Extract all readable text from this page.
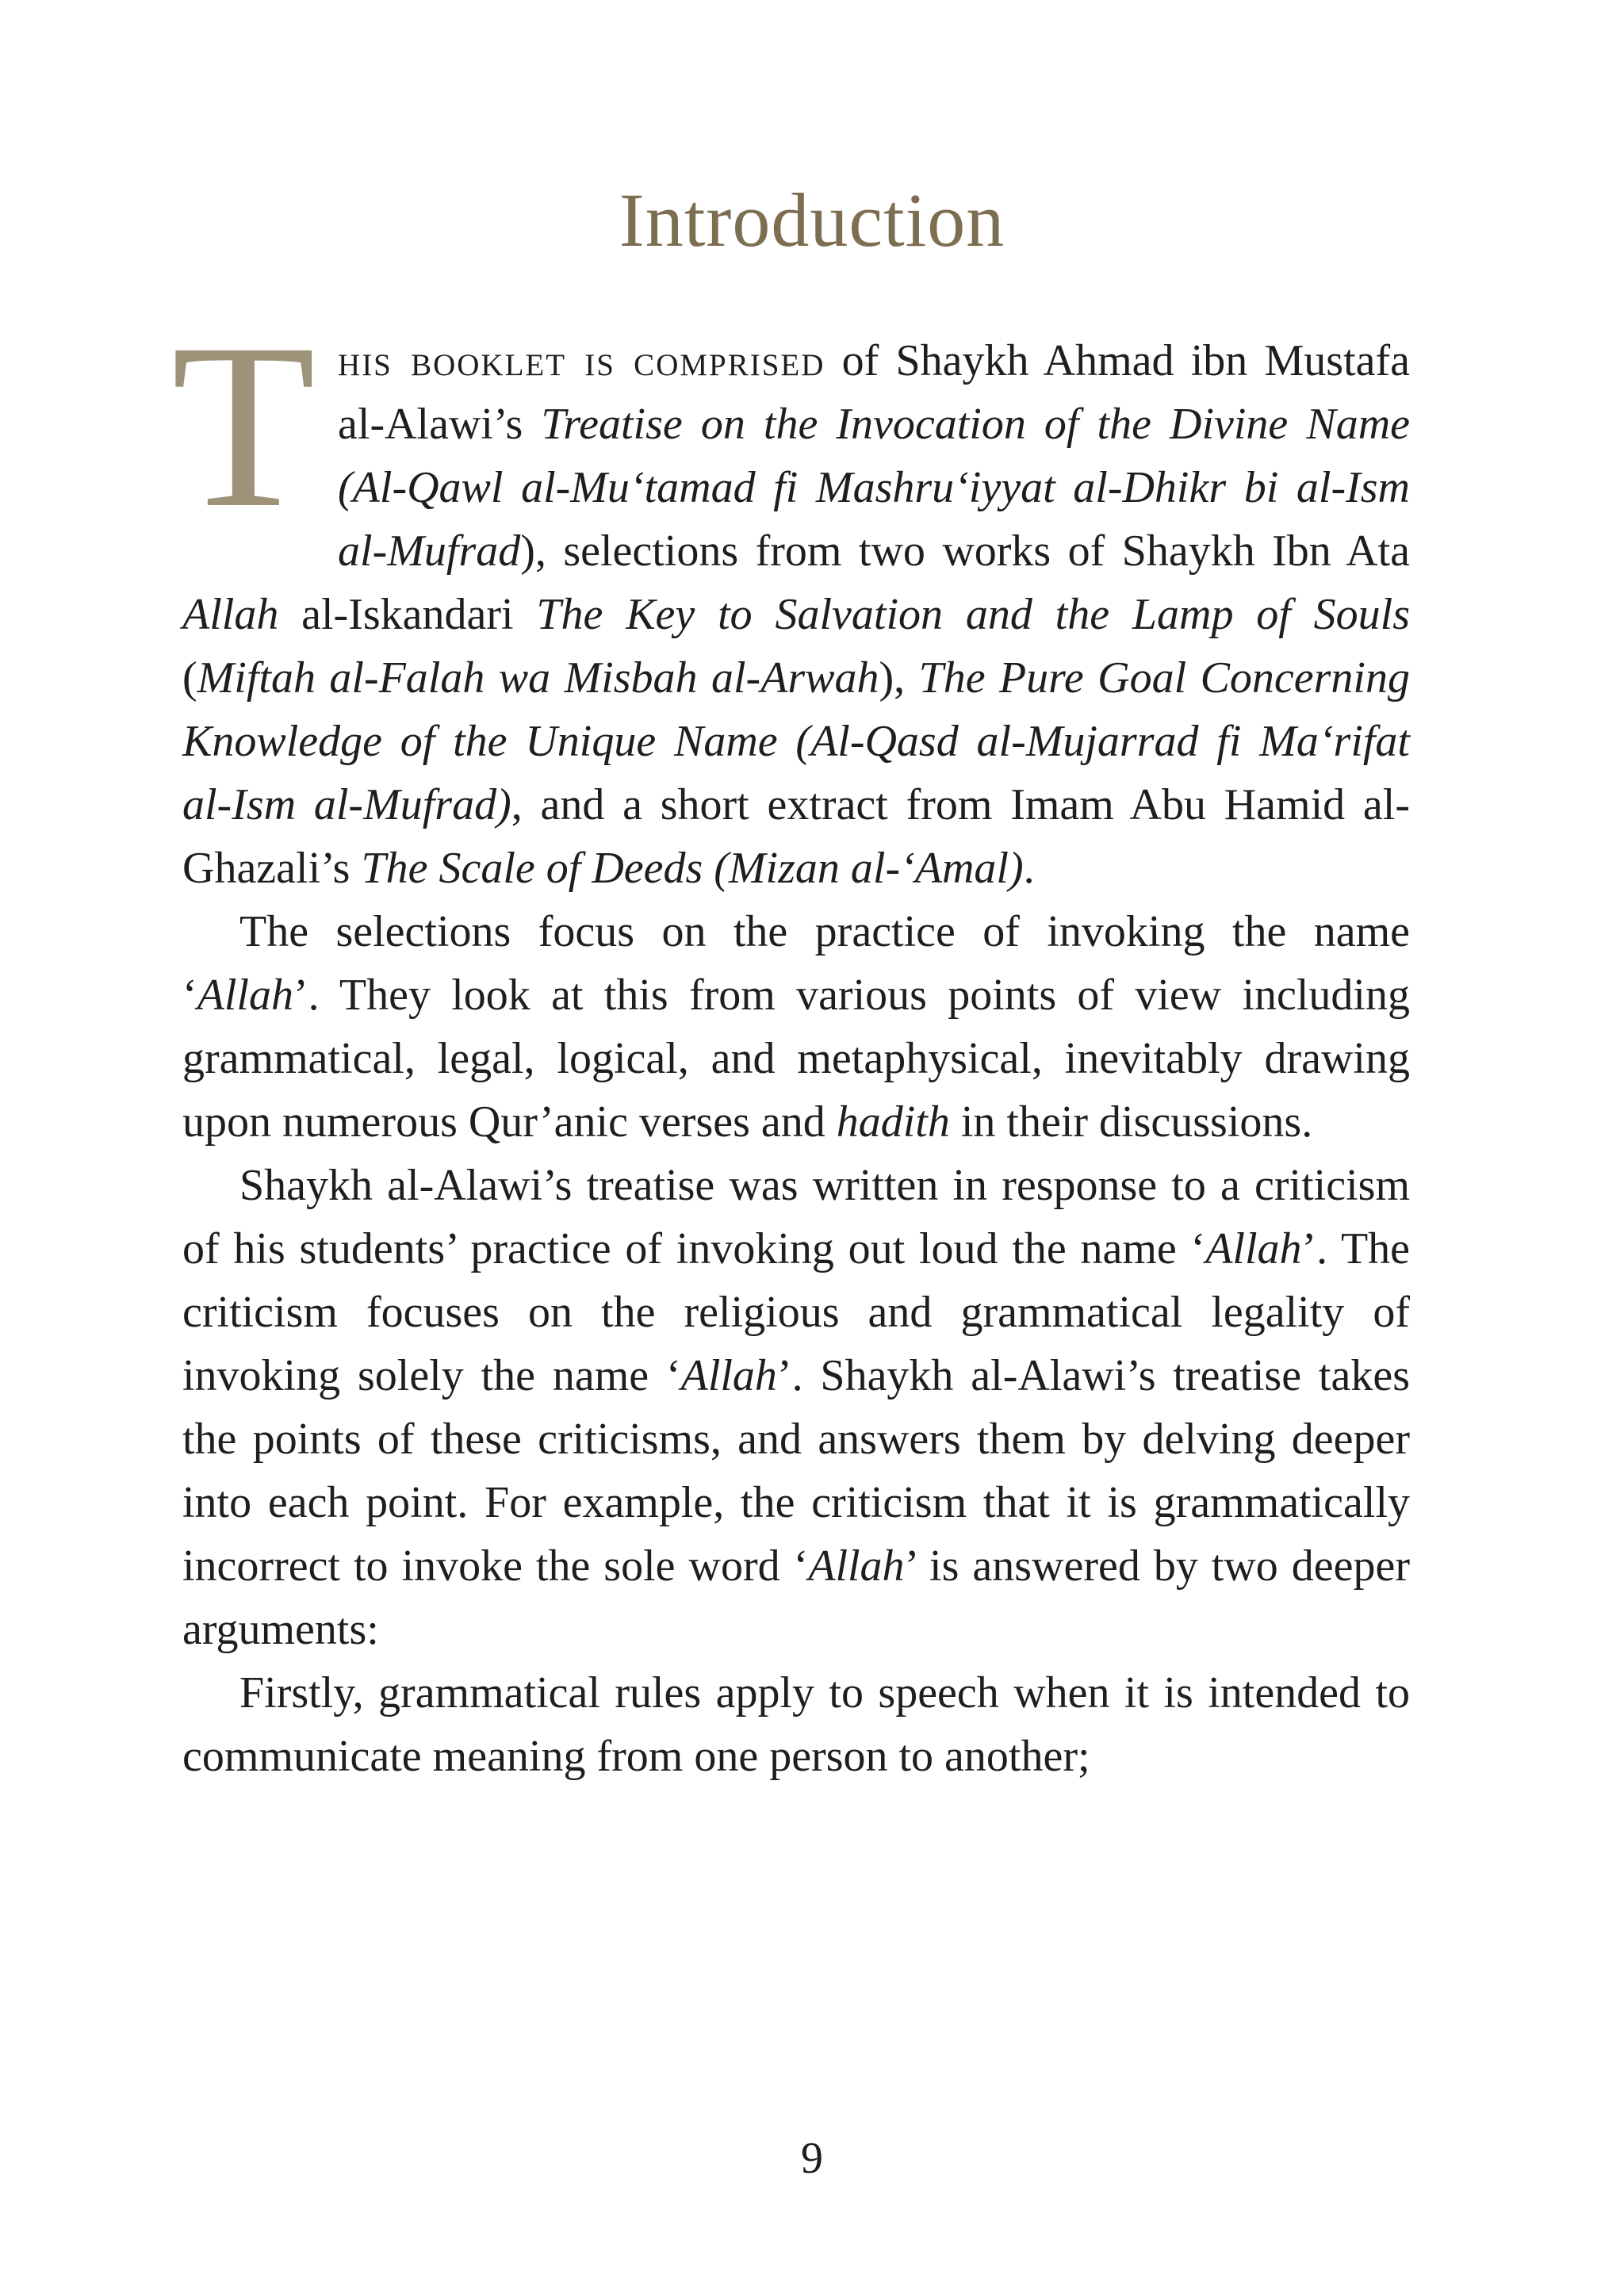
Introduction

This booklet is comprised of Shaykh Ahmad ibn Mustafa al-Alawi’s Treatise on the Invocation of the Divine Name (Al-Qawl al-Mu‘tamad fi Mashru‘iyyat al-Dhikr bi al-Ism al-Mufrad), selections from two works of Shaykh Ibn Ata Allah al-Iskandari The Key to Salvation and the Lamp of Souls (Miftah al-Falah wa Misbah al-Arwah), The Pure Goal Concerning Knowledge of the Unique Name (Al-Qasd al-Mujarrad fi Ma‘rifat al-Ism al-Mufrad), and a short extract from Imam Abu Hamid al-Ghazali’s The Scale of Deeds (Mizan al-‘Amal).

The selections focus on the practice of invoking the name ‘Allah’. They look at this from various points of view including grammatical, legal, logical, and metaphysical, inevitably drawing upon numerous Qur’anic verses and hadith in their discussions.

Shaykh al-Alawi’s treatise was written in response to a criticism of his students’ practice of invoking out loud the name ‘Allah’. The criticism focuses on the religious and grammatical legality of invoking solely the name ‘Allah’. Shaykh al-Alawi’s treatise takes the points of these criticisms, and answers them by delving deeper into each point. For example, the criticism that it is grammatically incorrect to invoke the sole word ‘Allah’ is answered by two deeper arguments:

Firstly, grammatical rules apply to speech when it is intended to communicate meaning from one person to another;

9
